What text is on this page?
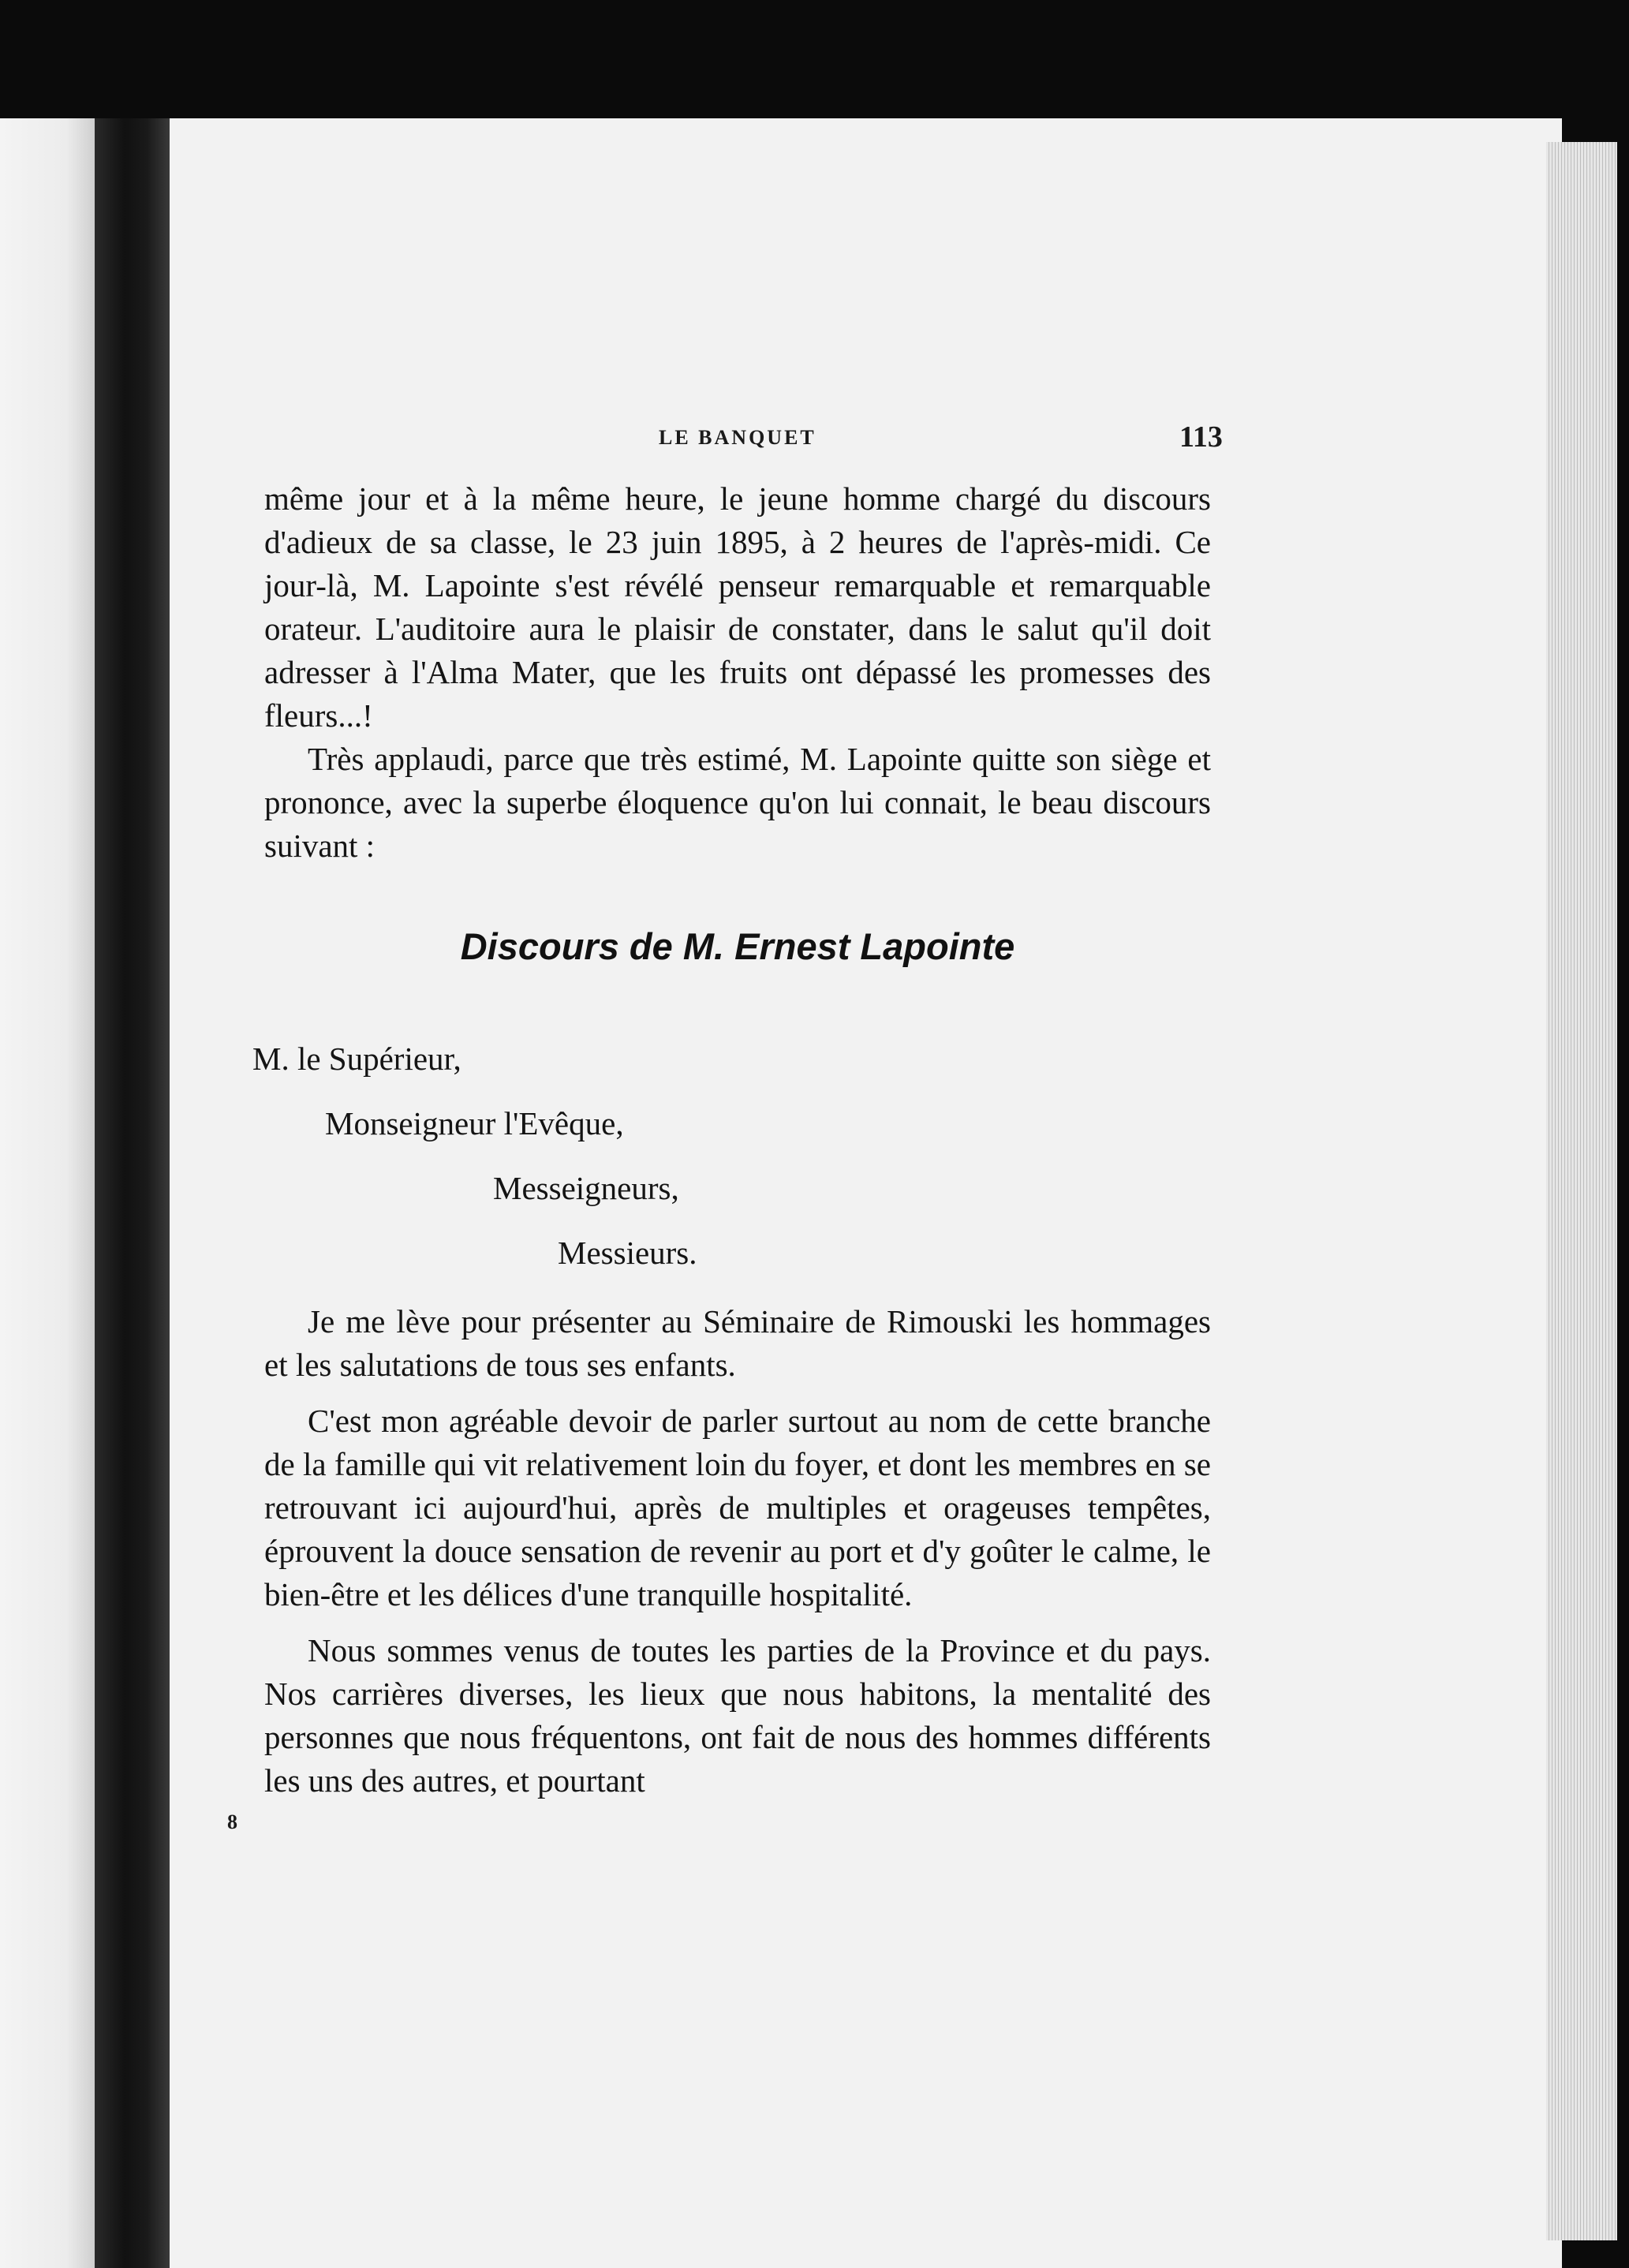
LE BANQUET	113

même jour et à la même heure, le jeune homme chargé du discours d'adieux de sa classe, le 23 juin 1895, à 2 heures de l'après-midi. Ce jour-là, M. Lapointe s'est révélé penseur remarquable et remarquable orateur. L'auditoire aura le plaisir de constater, dans le salut qu'il doit adresser à l'Alma Mater, que les fruits ont dépassé les promesses des fleurs...!

Très applaudi, parce que très estimé, M. Lapointe quitte son siège et prononce, avec la superbe éloquence qu'on lui connait, le beau discours suivant :

Discours de M. Ernest Lapointe
M. le Supérieur,
Monseigneur l'Evêque,
Messeigneurs,
Messieurs.

Je me lève pour présenter au Séminaire de Rimouski les hommages et les salutations de tous ses enfants.

C'est mon agréable devoir de parler surtout au nom de cette branche de la famille qui vit relativement loin du foyer, et dont les membres en se retrouvant ici aujourd'hui, après de multiples et orageuses tempêtes, éprouvent la douce sensation de revenir au port et d'y goûter le calme, le bien-être et les délices d'une tranquille hospitalité.

Nous sommes venus de toutes les parties de la Province et du pays. Nos carrières diverses, les lieux que nous habitons, la mentalité des personnes que nous fréquentons, ont fait de nous des hommes différents les uns des autres, et pourtant

8
